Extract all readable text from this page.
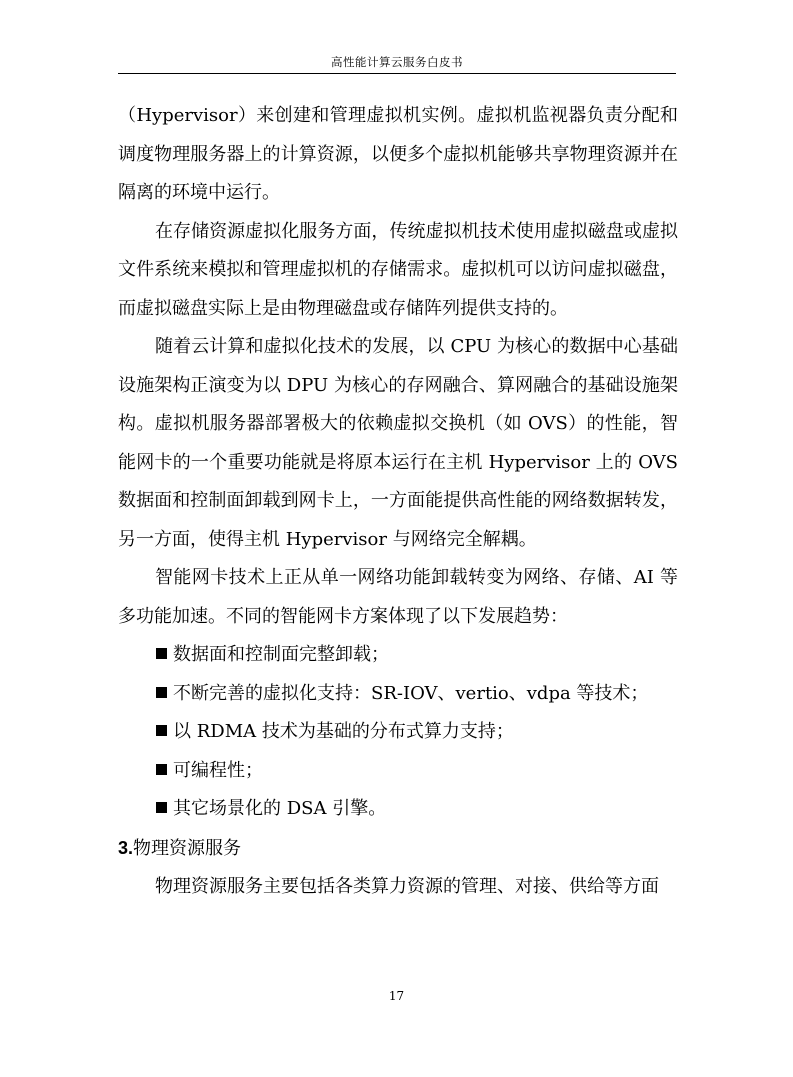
高性能计算云服务白皮书

（Hypervisor）来创建和管理虚拟机实例。虚拟机监视器负责分配和调度物理服务器上的计算资源，以便多个虚拟机能够共享物理资源并在隔离的环境中运行。

在存储资源虚拟化服务方面，传统虚拟机技术使用虚拟磁盘或虚拟文件系统来模拟和管理虚拟机的存储需求。虚拟机可以访问虚拟磁盘，而虚拟磁盘实际上是由物理磁盘或存储阵列提供支持的。

随着云计算和虚拟化技术的发展，以 CPU 为核心的数据中心基础设施架构正演变为以 DPU 为核心的存网融合、算网融合的基础设施架构。虚拟机服务器部署极大的依赖虚拟交换机（如 OVS）的性能，智能网卡的一个重要功能就是将原本运行在主机 Hypervisor 上的 OVS 数据面和控制面卸载到网卡上，一方面能提供高性能的网络数据转发，另一方面，使得主机 Hypervisor 与网络完全解耦。

智能网卡技术上正从单一网络功能卸载转变为网络、存储、AI 等多功能加速。不同的智能网卡方案体现了以下发展趋势：

数据面和控制面完整卸载；

不断完善的虚拟化支持：SR-IOV、vertio、vdpa 等技术；

以 RDMA 技术为基础的分布式算力支持；

可编程性；

其它场景化的 DSA 引擎。

3.物理资源服务

物理资源服务主要包括各类算力资源的管理、对接、供给等方面

17
